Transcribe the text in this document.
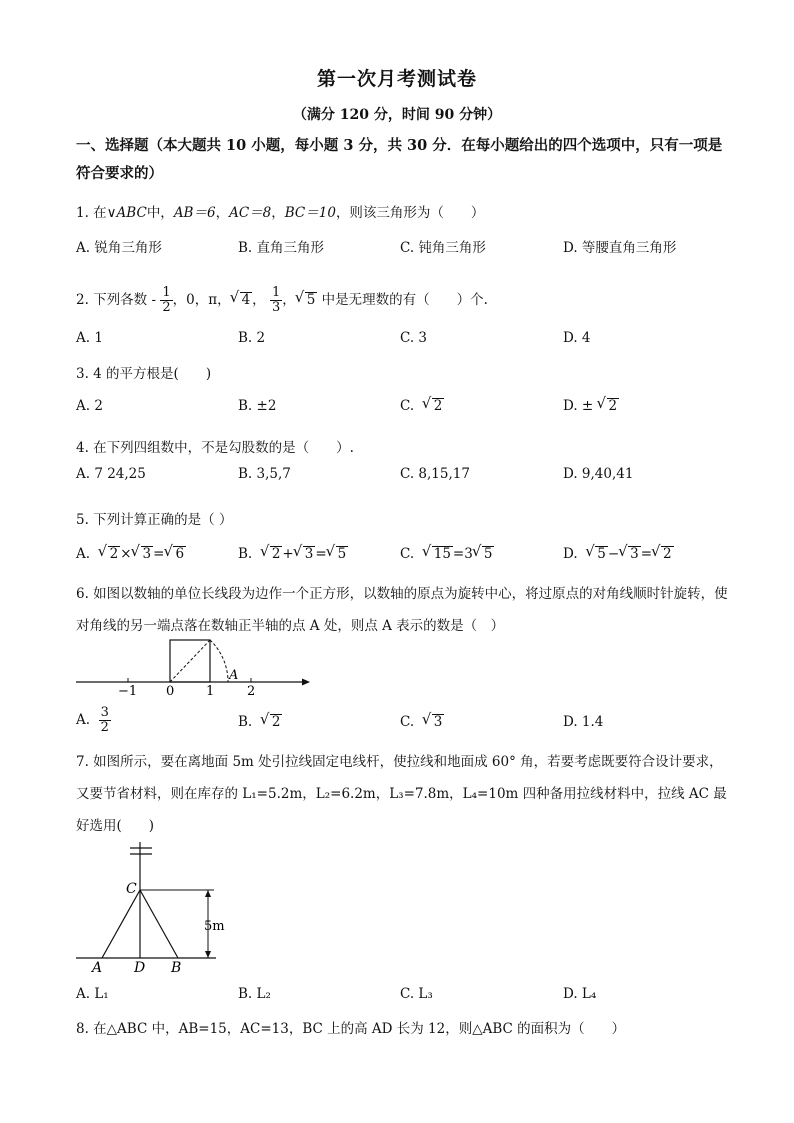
第一次月考测试卷
（满分 120 分，时间 90 分钟）
一、选择题（本大题共 10 小题，每小题 3 分，共 30 分．在每小题给出的四个选项中，只有一项是符合要求的）
1. 在∨ABC中，AB＝6，AC＝8，BC＝10，则该三角形为（　　）
A. 锐角三角形	B. 直角三角形	C. 钝角三角形	D. 等腰直角三角形
2. 下列各数 - $\frac{1}{2}$ ，0，π， √ 4 ， $\frac{1}{3}$ ， √ 5 中是无理数的有（　　）个.
A. 1	B. 2	C. 3	D. 4
3. 4 的平方根是(　　)
A. 2	B. ±2	C. √ 2	D. ± √ 2
4. 在下列四组数中，不是勾股数的是（　　）.
A. 7 24,25	B. 3,5,7	C. 8,15,17	D. 9,40,41
5. 下列计算正确的是（ ）
A. √ 2 × √ 3 = √ 6	B. √ 2 + √ 3 = √ 5	C. √ 15 =3 √ 5	D. √ 5 − √ 3 = √ 2
6. 如图以数轴的单位长线段为边作一个正方形，以数轴的原点为旋转中心，将过原点的对角线顺时针旋转，使对角线的另一端点落在数轴正半轴的点 A 处，则点 A 表示的数是（　）
−1 0 1	2
A
A. $\frac{3}{2}$	B. √ 2	C. √ 3	D. 1.4
7. 如图所示，要在离地面 5m 处引拉线固定电线杆，使拉线和地面成 60° 角，若要考虑既要符合设计要求，又要节省材料，则在库存的 L₁=5.2m，L₂=6.2m，L₃=7.8m，L₄=10m 四种备用拉线材料中，拉线 AC 最好选用(　　)
C
A D B
5m
A. L₁	B. L₂	C. L₃	D. L₄
8. 在△ABC 中，AB=15，AC=13，BC 上的高 AD 长为 12，则△ABC 的面积为（　　）
